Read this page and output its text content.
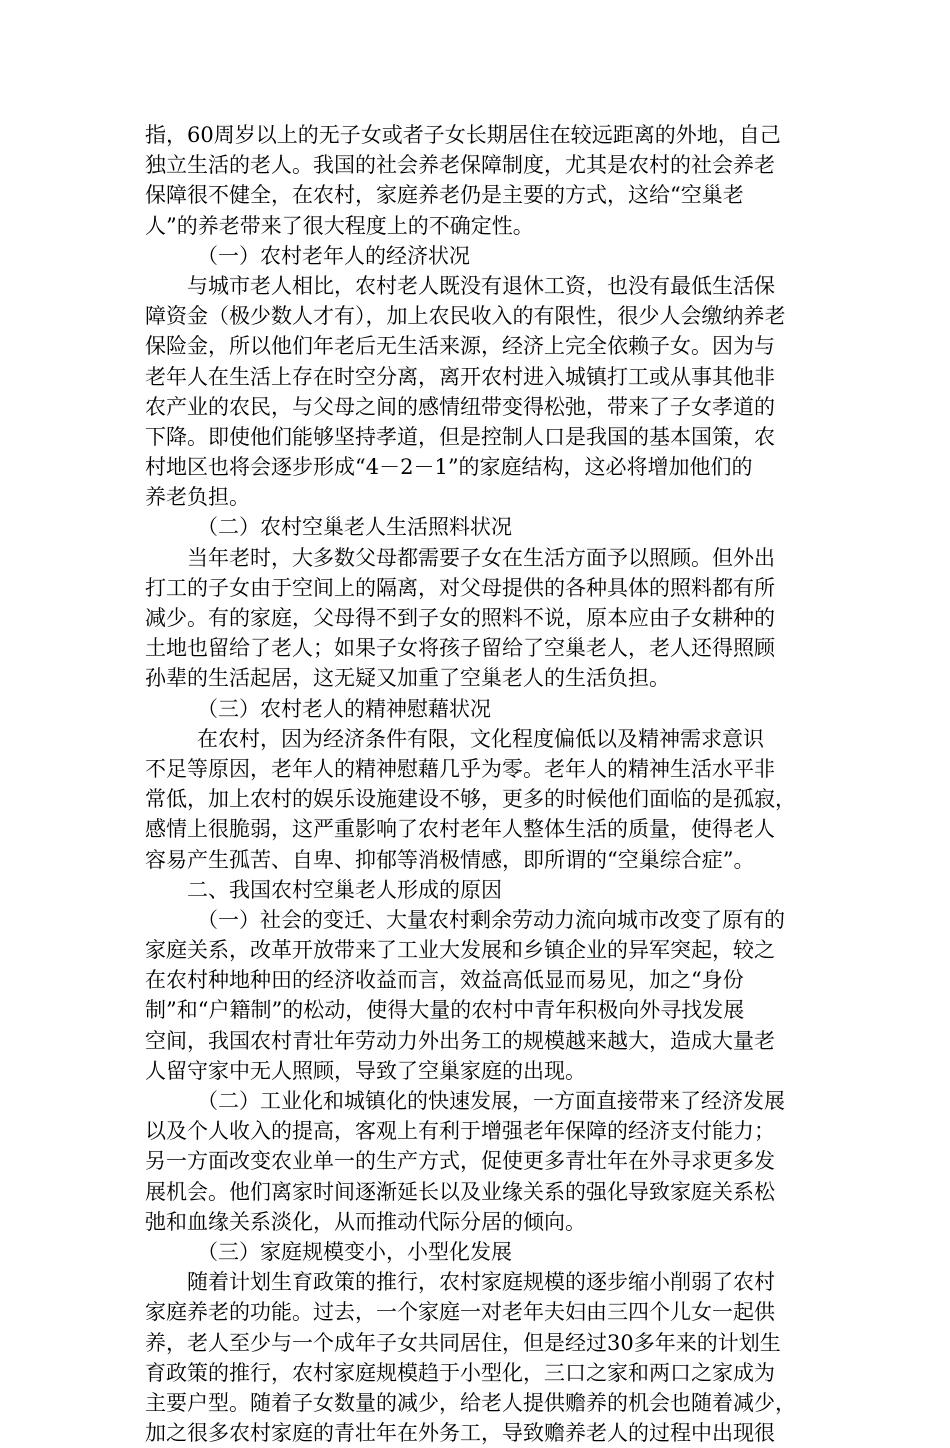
指，60周岁以上的无子女或者子女长期居住在较远距离的外地，自己
独立生活的老人。我国的社会养老保障制度，尤其是农村的社会养老
保障很不健全，在农村，家庭养老仍是主要的方式，这给“空巢老
人”的养老带来了很大程度上的不确定性。
（一）农村老年人的经济状况
与城市老人相比，农村老人既没有退休工资，也没有最低生活保
障资金（极少数人才有），加上农民收入的有限性，很少人会缴纳养老
保险金，所以他们年老后无生活来源，经济上完全依赖子女。因为与
老年人在生活上存在时空分离，离开农村进入城镇打工或从事其他非
农产业的农民，与父母之间的感情纽带变得松弛，带来了子女孝道的
下降。即使他们能够坚持孝道，但是控制人口是我国的基本国策，农
村地区也将会逐步形成“4－2－1”的家庭结构，这必将增加他们的
养老负担。
（二）农村空巢老人生活照料状况
当年老时，大多数父母都需要子女在生活方面予以照顾。但外出
打工的子女由于空间上的隔离，对父母提供的各种具体的照料都有所
减少。有的家庭，父母得不到子女的照料不说，原本应由子女耕种的
土地也留给了老人；如果子女将孩子留给了空巢老人，老人还得照顾
孙辈的生活起居，这无疑又加重了空巢老人的生活负担。
（三）农村老人的精神慰藉状况
在农村，因为经济条件有限，文化程度偏低以及精神需求意识
不足等原因，老年人的精神慰藉几乎为零。老年人的精神生活水平非
常低，加上农村的娱乐设施建设不够，更多的时候他们面临的是孤寂，
感情上很脆弱，这严重影响了农村老年人整体生活的质量，使得老人
容易产生孤苦、自卑、抑郁等消极情感，即所谓的“空巢综合症”。
二、我国农村空巢老人形成的原因
（一）社会的变迁、大量农村剩余劳动力流向城市改变了原有的
家庭关系，改革开放带来了工业大发展和乡镇企业的异军突起，较之
在农村种地种田的经济收益而言，效益高低显而易见，加之“身份
制”和“户籍制”的松动，使得大量的农村中青年积极向外寻找发展
空间，我国农村青壮年劳动力外出务工的规模越来越大，造成大量老
人留守家中无人照顾，导致了空巢家庭的出现。
（二）工业化和城镇化的快速发展，一方面直接带来了经济发展
以及个人收入的提高，客观上有利于增强老年保障的经济支付能力；
另一方面改变农业单一的生产方式，促使更多青壮年在外寻求更多发
展机会。他们离家时间逐渐延长以及业缘关系的强化导致家庭关系松
弛和血缘关系淡化，从而推动代际分居的倾向。
（三）家庭规模变小，小型化发展
随着计划生育政策的推行，农村家庭规模的逐步缩小削弱了农村
家庭养老的功能。过去，一个家庭一对老年夫妇由三四个儿女一起供
养，老人至少与一个成年子女共同居住，但是经过30多年来的计划生
育政策的推行，农村家庭规模趋于小型化，三口之家和两口之家成为
主要户型。随着子女数量的减少，给老人提供赡养的机会也随着减少，
加之很多农村家庭的青壮年在外务工，导致赡养老人的过程中出现很
